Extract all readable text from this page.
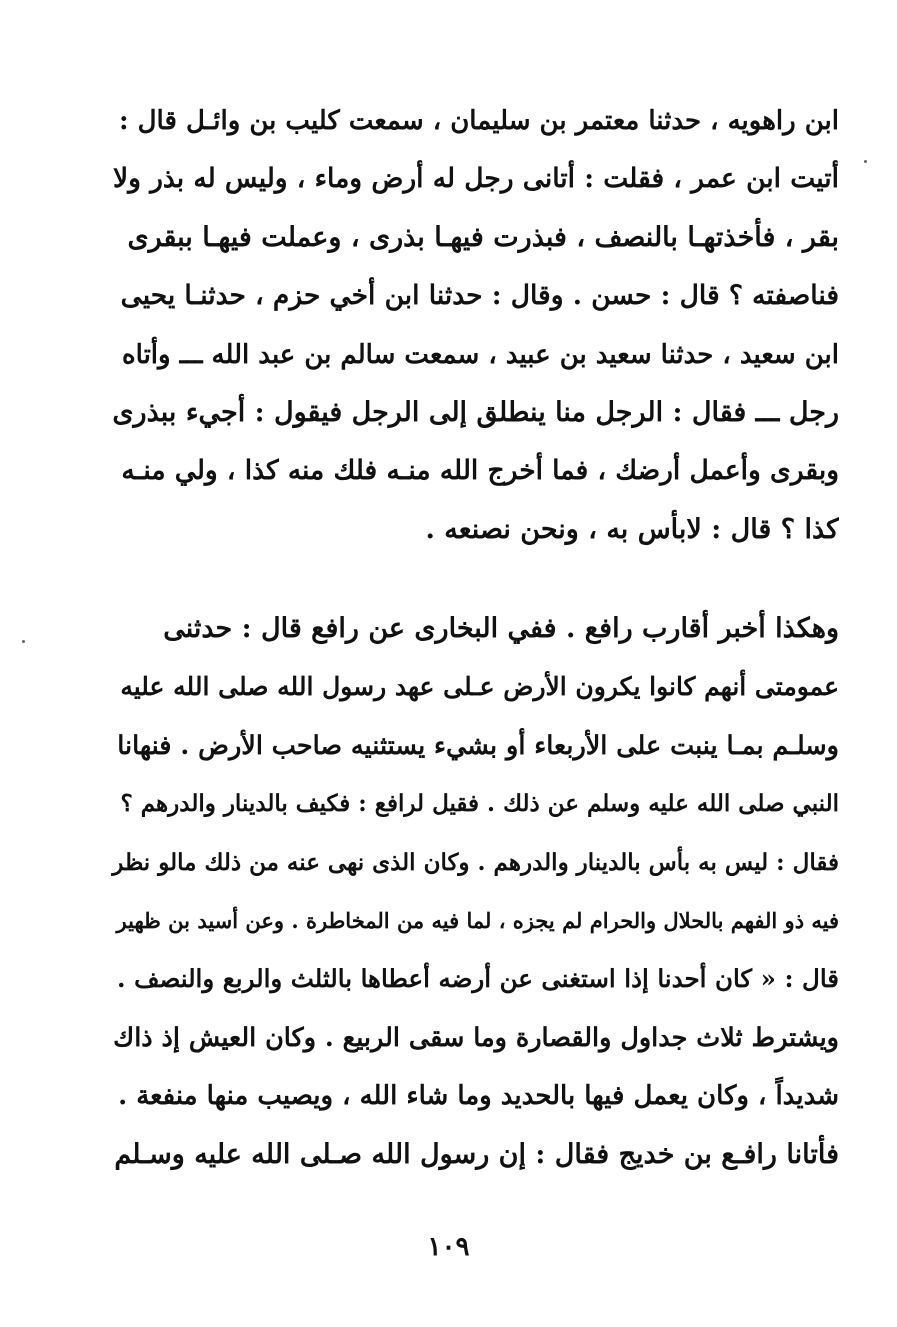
ابن راهويه ، حدثنا معتمر بن سليمان ، سمعت كليب بن وائـل قال :
أتيت ابن عمر ، فقلت : أتانى رجل له أرض وماء ، وليس له بذر ولا
بقر ، فأخذتهـا بالنصف ، فبذرت فيهـا بذرى ، وعملت فيهـا ببقرى
فناصفته ؟ قال : حسن . وقال : حدثنا ابن أخي حزم ، حدثنـا يحيى
ابن سعيد ، حدثنا سعيد بن عبيد ، سمعت سالم بن عبد الله ـــ وأتاه
رجل ـــ فقال : الرجل منا ينطلق إلى الرجل فيقول : أجيء ببذرى
وبقرى وأعمل أرضك ، فما أخرج الله منـه فلك منه كذا ، ولي منـه
كذا ؟ قال : لابأس به ، ونحن نصنعه .
وهكذا أخبر أقارب رافع . ففي البخارى عن رافع قال : حدثنى
عمومتى أنهم كانوا يكرون الأرض عـلى عهد رسول الله صلى الله عليه
وسلـم بمـا ينبت على الأربعاء أو بشيء يستثنيه صاحب الأرض . فنهانا
النبي صلى الله عليه وسلم عن ذلك . فقيل لرافع : فكيف بالدينار والدرهم ؟
فقال : ليس به بأس بالدينار والدرهم . وكان الذى نهى عنه من ذلك مالو نظر
فيه ذو الفهم بالحلال والحرام لم يجزه ، لما فيه من المخاطرة . وعن أسيد بن ظهير
قال : « كان أحدنا إذا استغنى عن أرضه أعطاها بالثلث والربع والنصف .
ويشترط ثلاث جداول والقصارة وما سقى الربيع . وكان العيش إذ ذاك
شديداً ، وكان يعمل فيها بالحديد وما شاء الله ، ويصيب منها منفعة .
فأتانا رافـع بن خديج فقال : إن رسول الله صـلى الله عليه وسـلم
١٠٩
